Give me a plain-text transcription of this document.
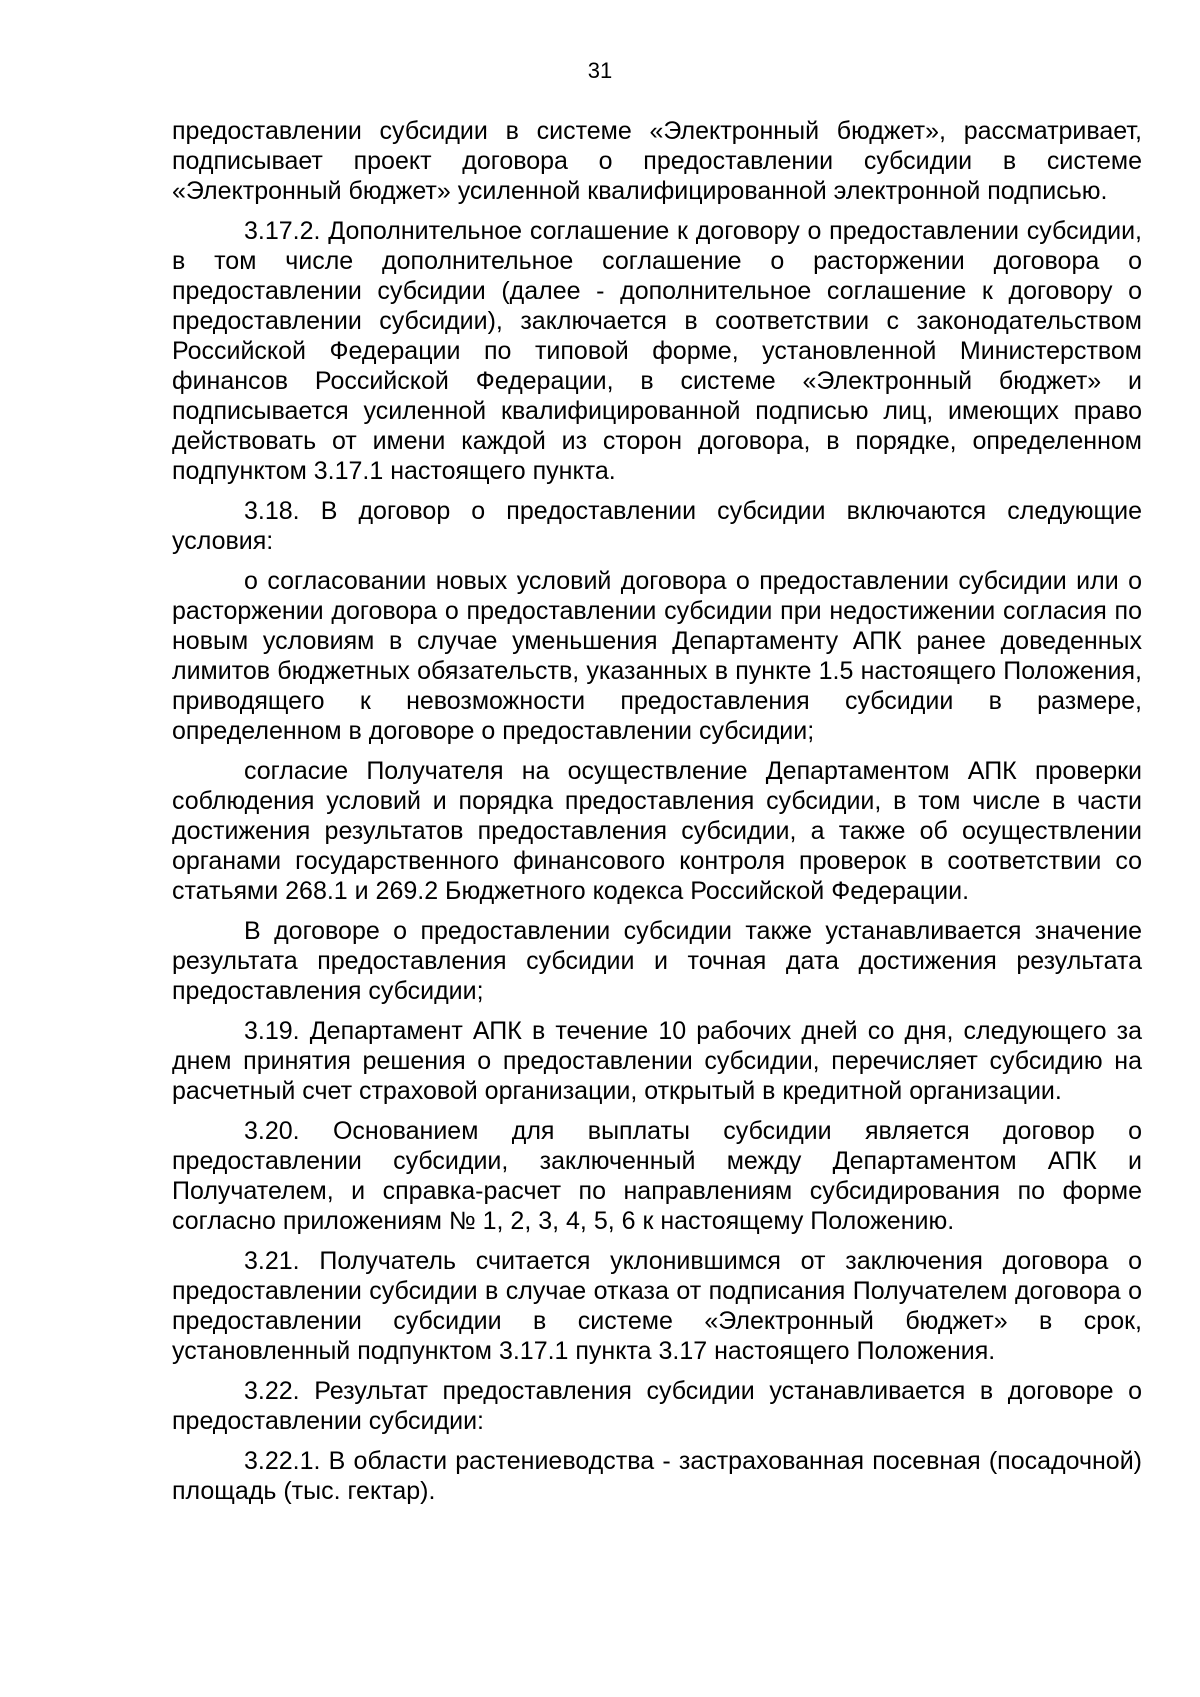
31

предоставлении субсидии в системе «Электронный бюджет», рассматривает, подписывает проект договора о предоставлении субсидии в системе «Электронный бюджет» усиленной квалифицированной электронной подписью.

3.17.2. Дополнительное соглашение к договору о предоставлении субсидии, в том числе дополнительное соглашение о расторжении договора о предоставлении субсидии (далее - дополнительное соглашение к договору о предоставлении субсидии), заключается в соответствии с законодательством Российской Федерации по типовой форме, установленной Министерством финансов Российской Федерации, в системе «Электронный бюджет» и подписывается усиленной квалифицированной подписью лиц, имеющих право действовать от имени каждой из сторон договора, в порядке, определенном подпунктом 3.17.1 настоящего пункта.

3.18. В договор о предоставлении субсидии включаются следующие условия:

о согласовании новых условий договора о предоставлении субсидии или о расторжении договора о предоставлении субсидии при недостижении согласия по новым условиям в случае уменьшения Департаменту АПК ранее доведенных лимитов бюджетных обязательств, указанных в пункте 1.5 настоящего Положения, приводящего к невозможности предоставления субсидии в размере, определенном в договоре о предоставлении субсидии;

согласие Получателя на осуществление Департаментом АПК проверки соблюдения условий и порядка предоставления субсидии, в том числе в части достижения результатов предоставления субсидии, а также об осуществлении органами государственного финансового контроля проверок в соответствии со статьями 268.1 и 269.2 Бюджетного кодекса Российской Федерации.

В договоре о предоставлении субсидии также устанавливается значение результата предоставления субсидии и точная дата достижения результата предоставления субсидии;

3.19. Департамент АПК в течение 10 рабочих дней со дня, следующего за днем принятия решения о предоставлении субсидии, перечисляет субсидию на расчетный счет страховой организации, открытый в кредитной организации.

3.20. Основанием для выплаты субсидии является договор о предоставлении субсидии, заключенный между Департаментом АПК и Получателем, и справка-расчет по направлениям субсидирования по форме согласно приложениям № 1, 2, 3, 4, 5, 6 к настоящему Положению.

3.21. Получатель считается уклонившимся от заключения договора о предоставлении субсидии в случае отказа от подписания Получателем договора о предоставлении субсидии в системе «Электронный бюджет» в срок, установленный подпунктом 3.17.1 пункта 3.17 настоящего Положения.

3.22. Результат предоставления субсидии устанавливается в договоре о предоставлении субсидии:

3.22.1. В области растениеводства - застрахованная посевная (посадочной) площадь (тыс. гектар).
